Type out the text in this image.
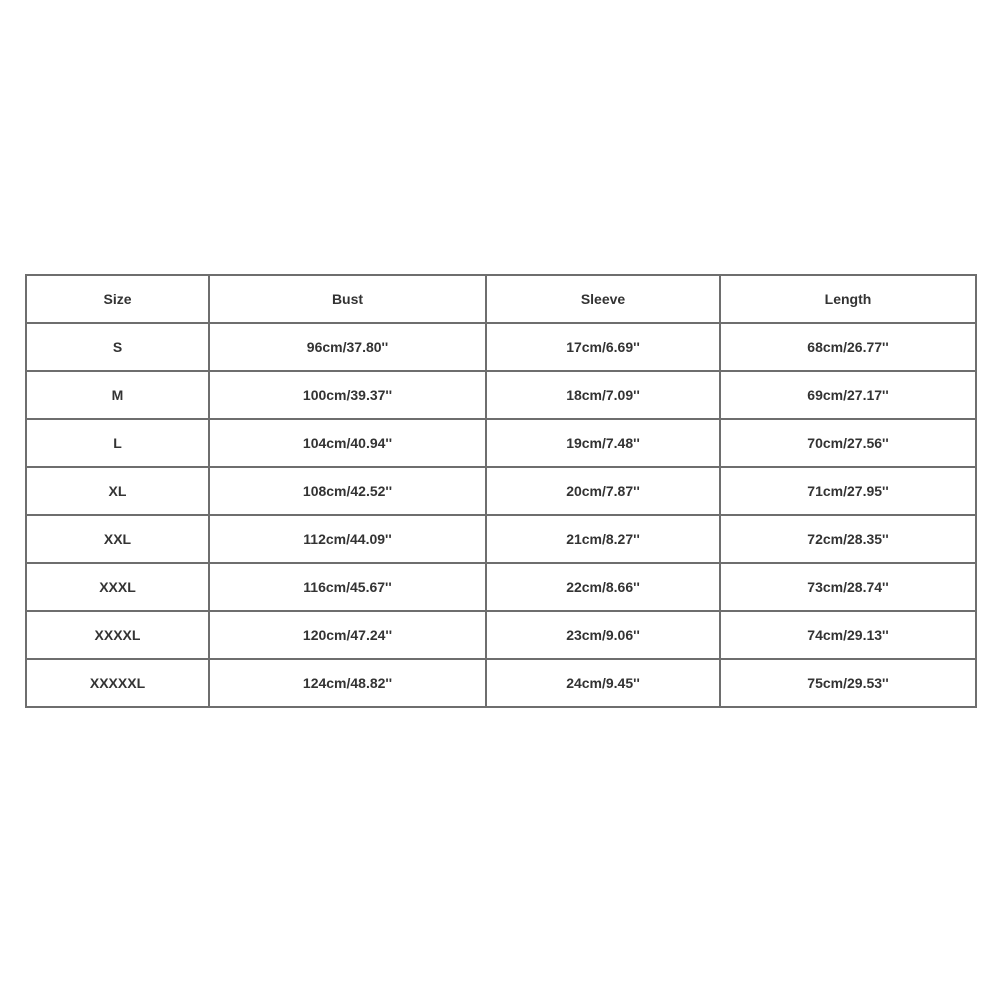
Size	Bust	Sleeve	Length
S	96cm/37.80''	17cm/6.69''	68cm/26.77''
M	100cm/39.37''	18cm/7.09''	69cm/27.17''
L	104cm/40.94''	19cm/7.48''	70cm/27.56''
XL	108cm/42.52''	20cm/7.87''	71cm/27.95''
XXL	112cm/44.09''	21cm/8.27''	72cm/28.35''
XXXL	116cm/45.67''	22cm/8.66''	73cm/28.74''
XXXXL	120cm/47.24''	23cm/9.06''	74cm/29.13''
XXXXXL	124cm/48.82''	24cm/9.45''	75cm/29.53''
